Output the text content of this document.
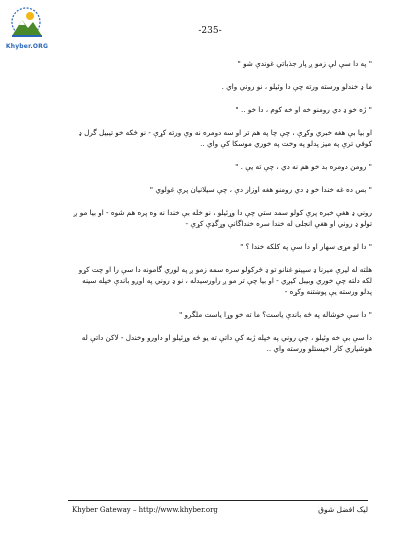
Khyber.ORG
-235-

" په دا سې لې زمو ږ پار جذباتي غوندې شو "

ما ډ خندلو ورسته ورته چې دا وئيلو ، نو روني واي .

" ژه خو ډ دي رومنو خه او خه کوم ، دا خو .. "

او بيا بې هغه خبري وکړې ، چې چا په هم تر او سه دومره نه وې ورته کړې - نو څکه خو تيبيل گرل ډ کوفي ترې په ميز پدلو په وخت په خوري موسکا کې واي ..

" رومن دومره بد خو هم نه دي ، چې ته يې . "

" بس ده غه خندا خو ډ دي رومنو هغه اوزار دې ، چې سيلانيان پرې غولوي "

روني ډ هغې خبره پرې کولو سمد ستي چې دا وړئيلو ، نو خله بې خندا نه وه پره هم شوه - او بيا مو ږ تولو ډ روني او هغې انجلی له خندا سره خنداگانې وړگډې کړې -

" دا لو مړی سهار او دا سې په کلکه خندا ؟ "

هلته له ليرې ميرنا ډ سپينو غنانو تو ډ څرکولو سره سمه زمو ږ په لوري گامونه دا سې را او چت کړو لکه دلته چې خوري وبيبل کيږي - او بيا چې تر مو ږ راورسيدله ، نو ډ روني په اوږو باندې خپله سينه پدلو ورسته يې پوښتنه وکړه -

" دا سې خوشاله په څه باندې ياست؟ ما ته خو وړا ياست ملگرو "

دا سې بې خه وئيلو ، چې روني په خپله ژبه کې داتې ته يو څه وړئيلو او داورو وخندل - لاکن داتې له هوشياري کار اخيستلو ورسته واي ..

Khyber Gateway – http://www.khyber.org	ليک افضل شوق
